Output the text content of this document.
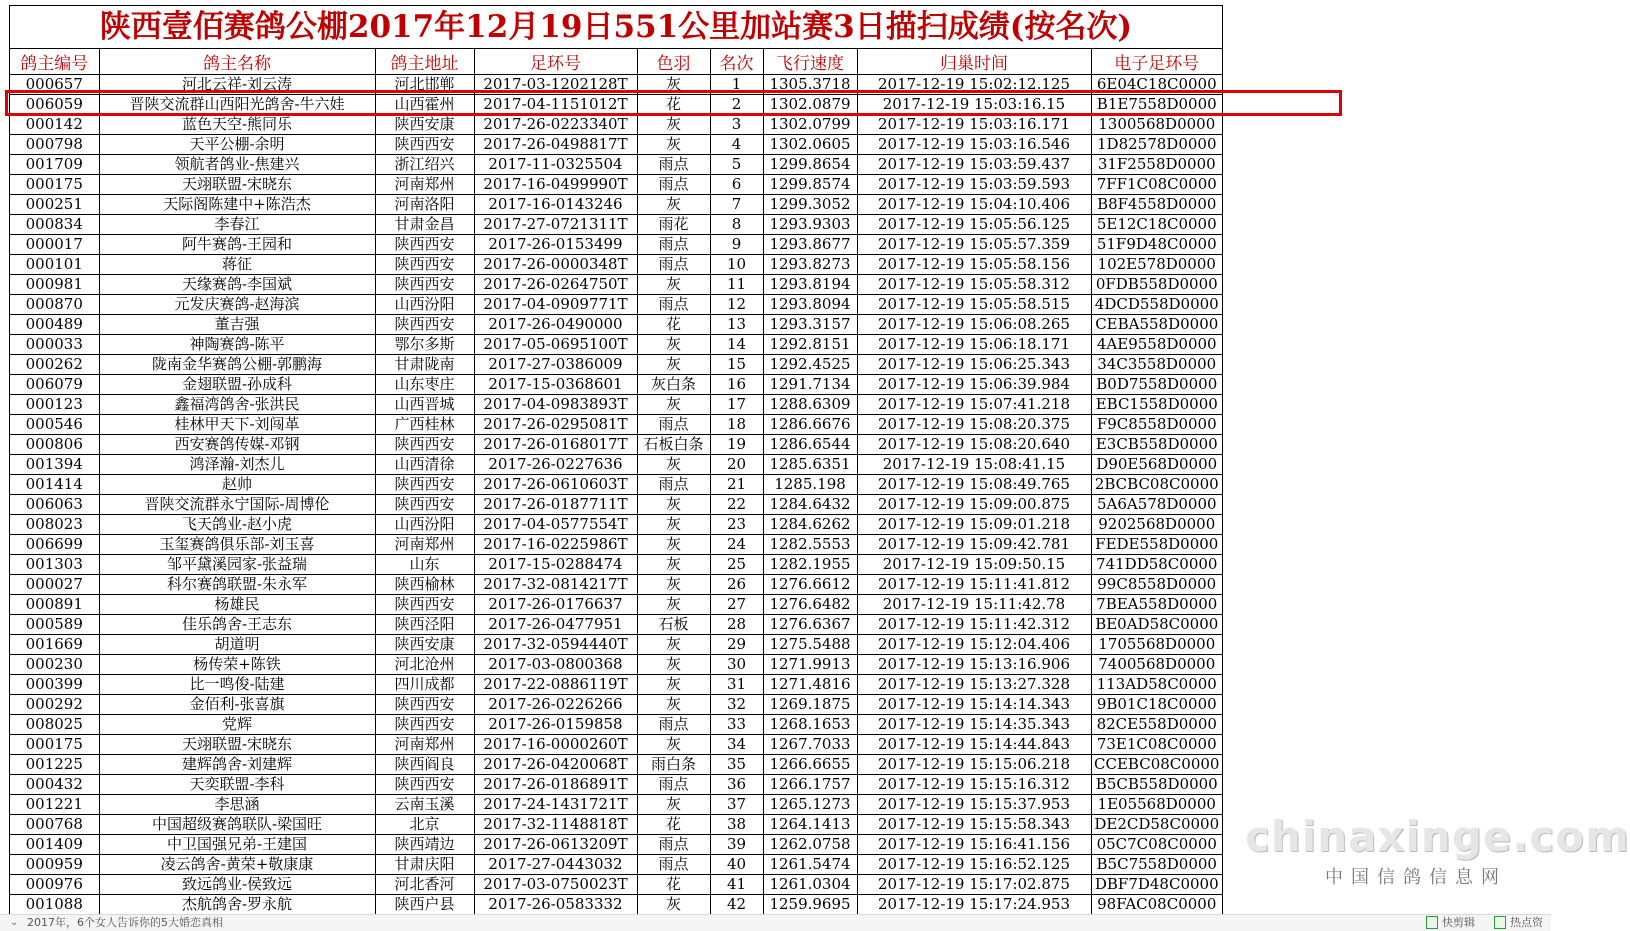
陕西壹佰赛鸽公棚2017年12月19日551公里加站赛3日描扫成绩(按名次)
鸽主编号	鸽主名称	鸽主地址	足环号	色羽	名次	飞行速度	归巢时间	电子足环号
000657	河北云祥-刘云涛	河北邯郸	2017-03-1202128T	灰	1	1305.3718	2017-12-19 15:02:12.125	6E04C18C0000
006059	晋陕交流群山西阳光鸽舍-牛六娃	山西霍州	2017-04-1151012T	花	2	1302.0879	2017-12-19 15:03:16.15	B1E7558D0000
000142	蓝色天空-熊同乐	陕西安康	2017-26-0223340T	灰	3	1302.0799	2017-12-19 15:03:16.171	1300568D0000
000798	天平公棚-余明	陕西西安	2017-26-0498817T	灰	4	1302.0605	2017-12-19 15:03:16.546	1D82578D0000
001709	领航者鸽业-焦建兴	浙江绍兴	2017-11-0325504	雨点	5	1299.8654	2017-12-19 15:03:59.437	31F2558D0000
000175	天翊联盟-宋晓东	河南郑州	2017-16-0499990T	雨点	6	1299.8574	2017-12-19 15:03:59.593	7FF1C08C0000
000251	天际阁陈建中+陈浩杰	河南洛阳	2017-16-0143246	灰	7	1299.3052	2017-12-19 15:04:10.406	B8F4558D0000
000834	李春江	甘肃金昌	2017-27-0721311T	雨花	8	1293.9303	2017-12-19 15:05:56.125	5E12C18C0000
000017	阿牛赛鸽-王园和	陕西西安	2017-26-0153499	雨点	9	1293.8677	2017-12-19 15:05:57.359	51F9D48C0000
000101	蒋征	陕西西安	2017-26-0000348T	雨点	10	1293.8273	2017-12-19 15:05:58.156	102E578D0000
000981	天缘赛鸽-李国斌	陕西西安	2017-26-0264750T	灰	11	1293.8194	2017-12-19 15:05:58.312	0FDB558D0000
000870	元发庆赛鸽-赵海滨	山西汾阳	2017-04-0909771T	雨点	12	1293.8094	2017-12-19 15:05:58.515	4DCD558D0000
000489	董吉强	陕西西安	2017-26-0490000	花	13	1293.3157	2017-12-19 15:06:08.265	CEBA558D0000
000033	神陶赛鸽-陈平	鄂尔多斯	2017-05-0695100T	灰	14	1292.8151	2017-12-19 15:06:18.171	4AE9558D0000
000262	陇南金华赛鸽公棚-郭鹏海	甘肃陇南	2017-27-0386009	灰	15	1292.4525	2017-12-19 15:06:25.343	34C3558D0000
006079	金翅联盟-孙成科	山东枣庄	2017-15-0368601	灰白条	16	1291.7134	2017-12-19 15:06:39.984	B0D7558D0000
000123	鑫福湾鸽舍-张洪民	山西晋城	2017-04-0983893T	灰	17	1288.6309	2017-12-19 15:07:41.218	EBC1558D0000
000546	桂林甲天下-刘闯革	广西桂林	2017-26-0295081T	雨点	18	1286.6676	2017-12-19 15:08:20.375	F9C8558D0000
000806	西安赛鸽传媒-邓钢	陕西西安	2017-26-0168017T	石板白条	19	1286.6544	2017-12-19 15:08:20.640	E3CB558D0000
001394	鸿泽瀚-刘杰儿	山西清徐	2017-26-0227636	灰	20	1285.6351	2017-12-19 15:08:41.15	D90E568D0000
001414	赵帅	陕西西安	2017-26-0610603T	雨点	21	1285.198	2017-12-19 15:08:49.765	2BCBC08C0000
006063	晋陕交流群永宁国际-周博伦	陕西西安	2017-26-0187711T	灰	22	1284.6432	2017-12-19 15:09:00.875	5A6A578D0000
008023	飞天鸽业-赵小虎	山西汾阳	2017-04-0577554T	灰	23	1284.6262	2017-12-19 15:09:01.218	9202568D0000
006699	玉玺赛鸽俱乐部-刘玉喜	河南郑州	2017-16-0225986T	灰	24	1282.5553	2017-12-19 15:09:42.781	FEDE558D0000
001303	邹平黛溪园家-张益瑞	山东	2017-15-0288474	灰	25	1282.1955	2017-12-19 15:09:50.15	741DD58C0000
000027	科尔赛鸽联盟-朱永军	陕西榆林	2017-32-0814217T	灰	26	1276.6612	2017-12-19 15:11:41.812	99C8558D0000
000891	杨雄民	陕西西安	2017-26-0176637	灰	27	1276.6482	2017-12-19 15:11:42.78	7BEA558D0000
000589	佳乐鸽舍-王志东	陕西泾阳	2017-26-0477951	石板	28	1276.6367	2017-12-19 15:11:42.312	BE0AD58C0000
001669	胡道明	陕西安康	2017-32-0594440T	灰	29	1275.5488	2017-12-19 15:12:04.406	1705568D0000
000230	杨传荣+陈铁	河北沧州	2017-03-0800368	灰	30	1271.9913	2017-12-19 15:13:16.906	7400568D0000
000399	比一鸣俊-陆建	四川成都	2017-22-0886119T	灰	31	1271.4816	2017-12-19 15:13:27.328	113AD58C0000
000292	金佰利-张喜旗	陕西西安	2017-26-0226266	灰	32	1269.1875	2017-12-19 15:14:14.343	9B01C18C0000
008025	党辉	陕西西安	2017-26-0159858	雨点	33	1268.1653	2017-12-19 15:14:35.343	82CE558D0000
000175	天翊联盟-宋晓东	河南郑州	2017-16-0000260T	灰	34	1267.7033	2017-12-19 15:14:44.843	73E1C08C0000
001225	建辉鸽舍-刘建辉	陕西阎良	2017-26-0420068T	雨白条	35	1266.6655	2017-12-19 15:15:06.218	CCEBC08C0000
000432	天奕联盟-李科	陕西西安	2017-26-0186891T	雨点	36	1266.1757	2017-12-19 15:15:16.312	B5CB558D0000
001221	李思涵	云南玉溪	2017-24-1431721T	灰	37	1265.1273	2017-12-19 15:15:37.953	1E05568D0000
000768	中国超级赛鸽联队-梁国旺	北京	2017-32-1148818T	花	38	1264.1413	2017-12-19 15:15:58.343	DE2CD58C0000
001409	中卫国强兄弟-王建国	陕西靖边	2017-26-0613209T	雨点	39	1262.0758	2017-12-19 15:16:41.156	05C7C08C0000
000959	凌云鸽舍-黄荣+敬康康	甘肃庆阳	2017-27-0443032	雨点	40	1261.5474	2017-12-19 15:16:52.125	B5C7558D0000
000976	致远鸽业-侯致远	河北香河	2017-03-0750023T	花	41	1261.0304	2017-12-19 15:17:02.875	DBF7D48C0000
001088	杰航鸽舍-罗永航	陕西户县	2017-26-0583332	灰	42	1259.9695	2017-12-19 15:17:24.953	98FAC08C0000
chinaxinge.com
中国信鸽信息网
⌄ 2017年，6个女人告诉你的5大婚恋真相	快剪辑	热点资
